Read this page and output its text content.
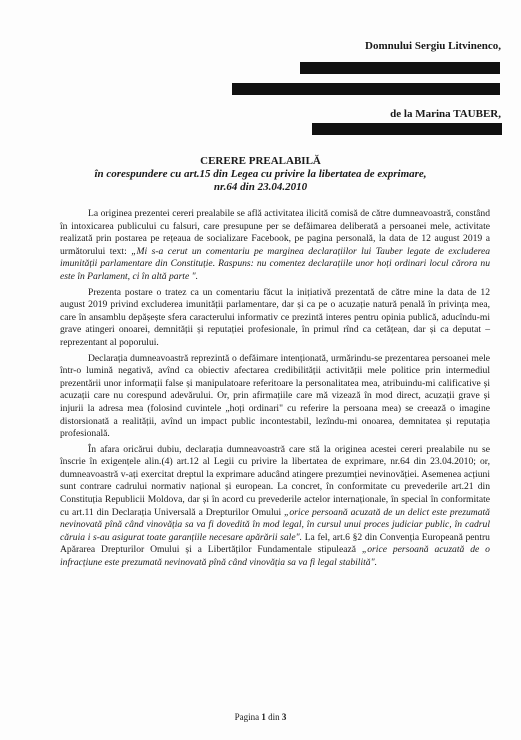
Domnului Sergiu Litvinenco,
de la Marina TAUBER,
CERERE PREALABILĂ
în corespundere cu art.15 din Legea cu privire la libertatea de exprimare,
nr.64 din 23.04.2010

La originea prezentei cereri prealabile se află activitatea ilicită comisă de către dumneavoastră, constând în intoxicarea publicului cu falsuri, care presupune per se defăimarea deliberată a persoanei mele, activitate realizată prin postarea pe rețeaua de socializare Facebook, pe pagina personală, la data de 12 august 2019 a următorului text: „Mi s-a cerut un comentariu pe marginea declarațiilor lui Tauber legate de excluderea imunității parlamentare din Constituție. Raspuns: nu comentez declarațiile unor hoți ordinari locul cărora nu este în Parlament, ci în altă parte ".

Prezenta postare o tratez ca un comentariu făcut la inițiativă prezentată de către mine la data de 12 august 2019 privind excluderea imunității parlamentare, dar și ca pe o acuzație natură penală în privința mea, care în ansamblu depășește sfera caracterului informativ ce prezintă interes pentru opinia publică, aducîndu-mi grave atingeri onoarei, demnității și reputației profesionale, în primul rînd ca cetățean, dar și ca deputat – reprezentant al poporului.

Declarația dumneavoastră reprezintă o defăimare intenționată, urmărindu-se prezentarea persoanei mele într-o lumină negativă, avînd ca obiectiv afectarea credibilității activității mele politice prin intermediul prezentării unor informații false și manipulatoare referitoare la personalitatea mea, atribuindu-mi calificative și acuzații care nu corespund adevărului. Or, prin afirmațiile care mă vizează în mod direct, acuzații grave și injurii la adresa mea (folosind cuvintele „hoți ordinari" cu referire la persoana mea) se creează o imagine distorsionată a realității, avînd un impact public incontestabil, lezîndu-mi onoarea, demnitatea și reputația profesională.

În afara oricărui dubiu, declarația dumneavoastră care stă la originea acestei cereri prealabile nu se înscrie în exigențele alin.(4) art.12 al Legii cu privire la libertatea de exprimare, nr.64 din 23.04.2010; or, dumneavoastră v-ați exercitat dreptul la exprimare aducând atingere prezumției nevinovăției. Asemenea acțiuni sunt contrare cadrului normativ național și european. La concret, în conformitate cu prevederile art.21 din Constituția Republicii Moldova, dar și în acord cu prevederile actelor internaționale, în special în conformitate cu art.11 din Declarația Universală a Drepturilor Omului „orice persoană acuzată de un delict este prezumată nevinovată pînă când vinovăția sa va fi dovedită în mod legal, în cursul unui proces judiciar public, în cadrul căruia i s-au asigurat toate garanțiile necesare apărării sale". La fel, art.6 §2 din Convenția Europeană pentru Apărarea Drepturilor Omului și a Libertăților Fundamentale stipulează „orice persoană acuzată de o infracțiune este prezumată nevinovată pînă când vinovăția sa va fi legal stabilită".

Pagina 1 din 3
